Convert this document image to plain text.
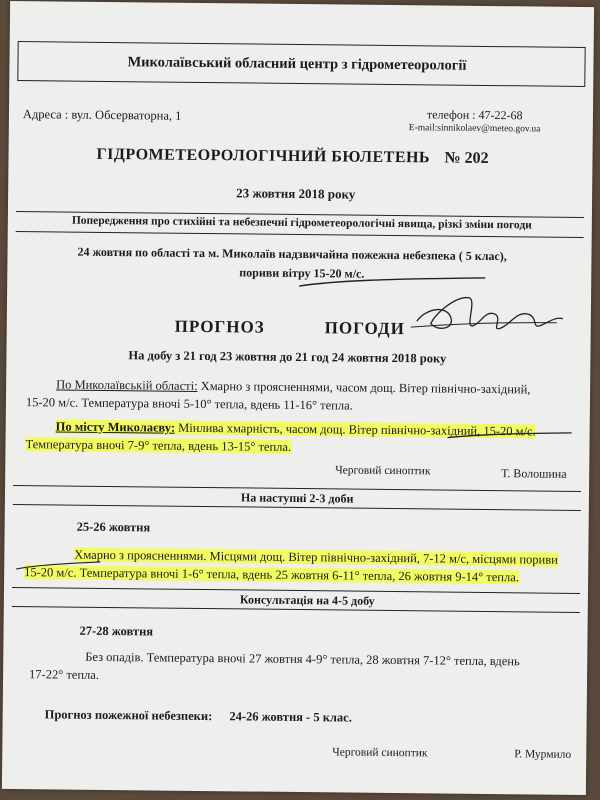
Миколаївський обласний центр з гідрометеорології
Адреса : вул. Обсерваторна, 1	телефон : 47-22-68
E-mail:sinnikolaev@meteo.gov.ua
ГІДРОМЕТЕОРОЛОГІЧНИЙ БЮЛЕТЕНЬ № 202
23 жовтня 2018 року
Попередження про стихійні та небезпечні гідрометеорологічні явища, різкі зміни погоди
24 жовтня по області та м. Миколаїв надзвичайна пожежна небезпека ( 5 клас),
пориви вітру 15-20 м/с.
ПРОГНОЗ	ПОГОДИ
На добу з 21 год 23 жовтня до 21 год 24 жовтня 2018 року
По Миколаївській області: Хмарно з проясненнями, часом дощ. Вітер північно-західний,
15-20 м/с. Температура вночі 5-10° тепла, вдень 11-16° тепла.
По місту Миколаєву: Мінлива хмарність, часом дощ. Вітер північно-західний, 15-20 м/с.
Температура вночі 7-9° тепла, вдень 13-15° тепла.
Черговий синоптик	Т. Волошина
На наступні 2-3 доби
25-26 жовтня
Хмарно з проясненнями. Місцями дощ. Вітер північно-західний, 7-12 м/с, місцями пориви
15-20 м/с. Температура вночі 1-6° тепла, вдень 25 жовтня 6-11° тепла, 26 жовтня 9-14° тепла.
Консультація на 4-5 добу
27-28 жовтня
Без опадів. Температура вночі 27 жовтня 4-9° тепла, 28 жовтня 7-12° тепла, вдень
17-22° тепла.
Прогноз пожежної небезпеки: 24-26 жовтня - 5 клас.
Черговий синоптик	Р. Мурмило
